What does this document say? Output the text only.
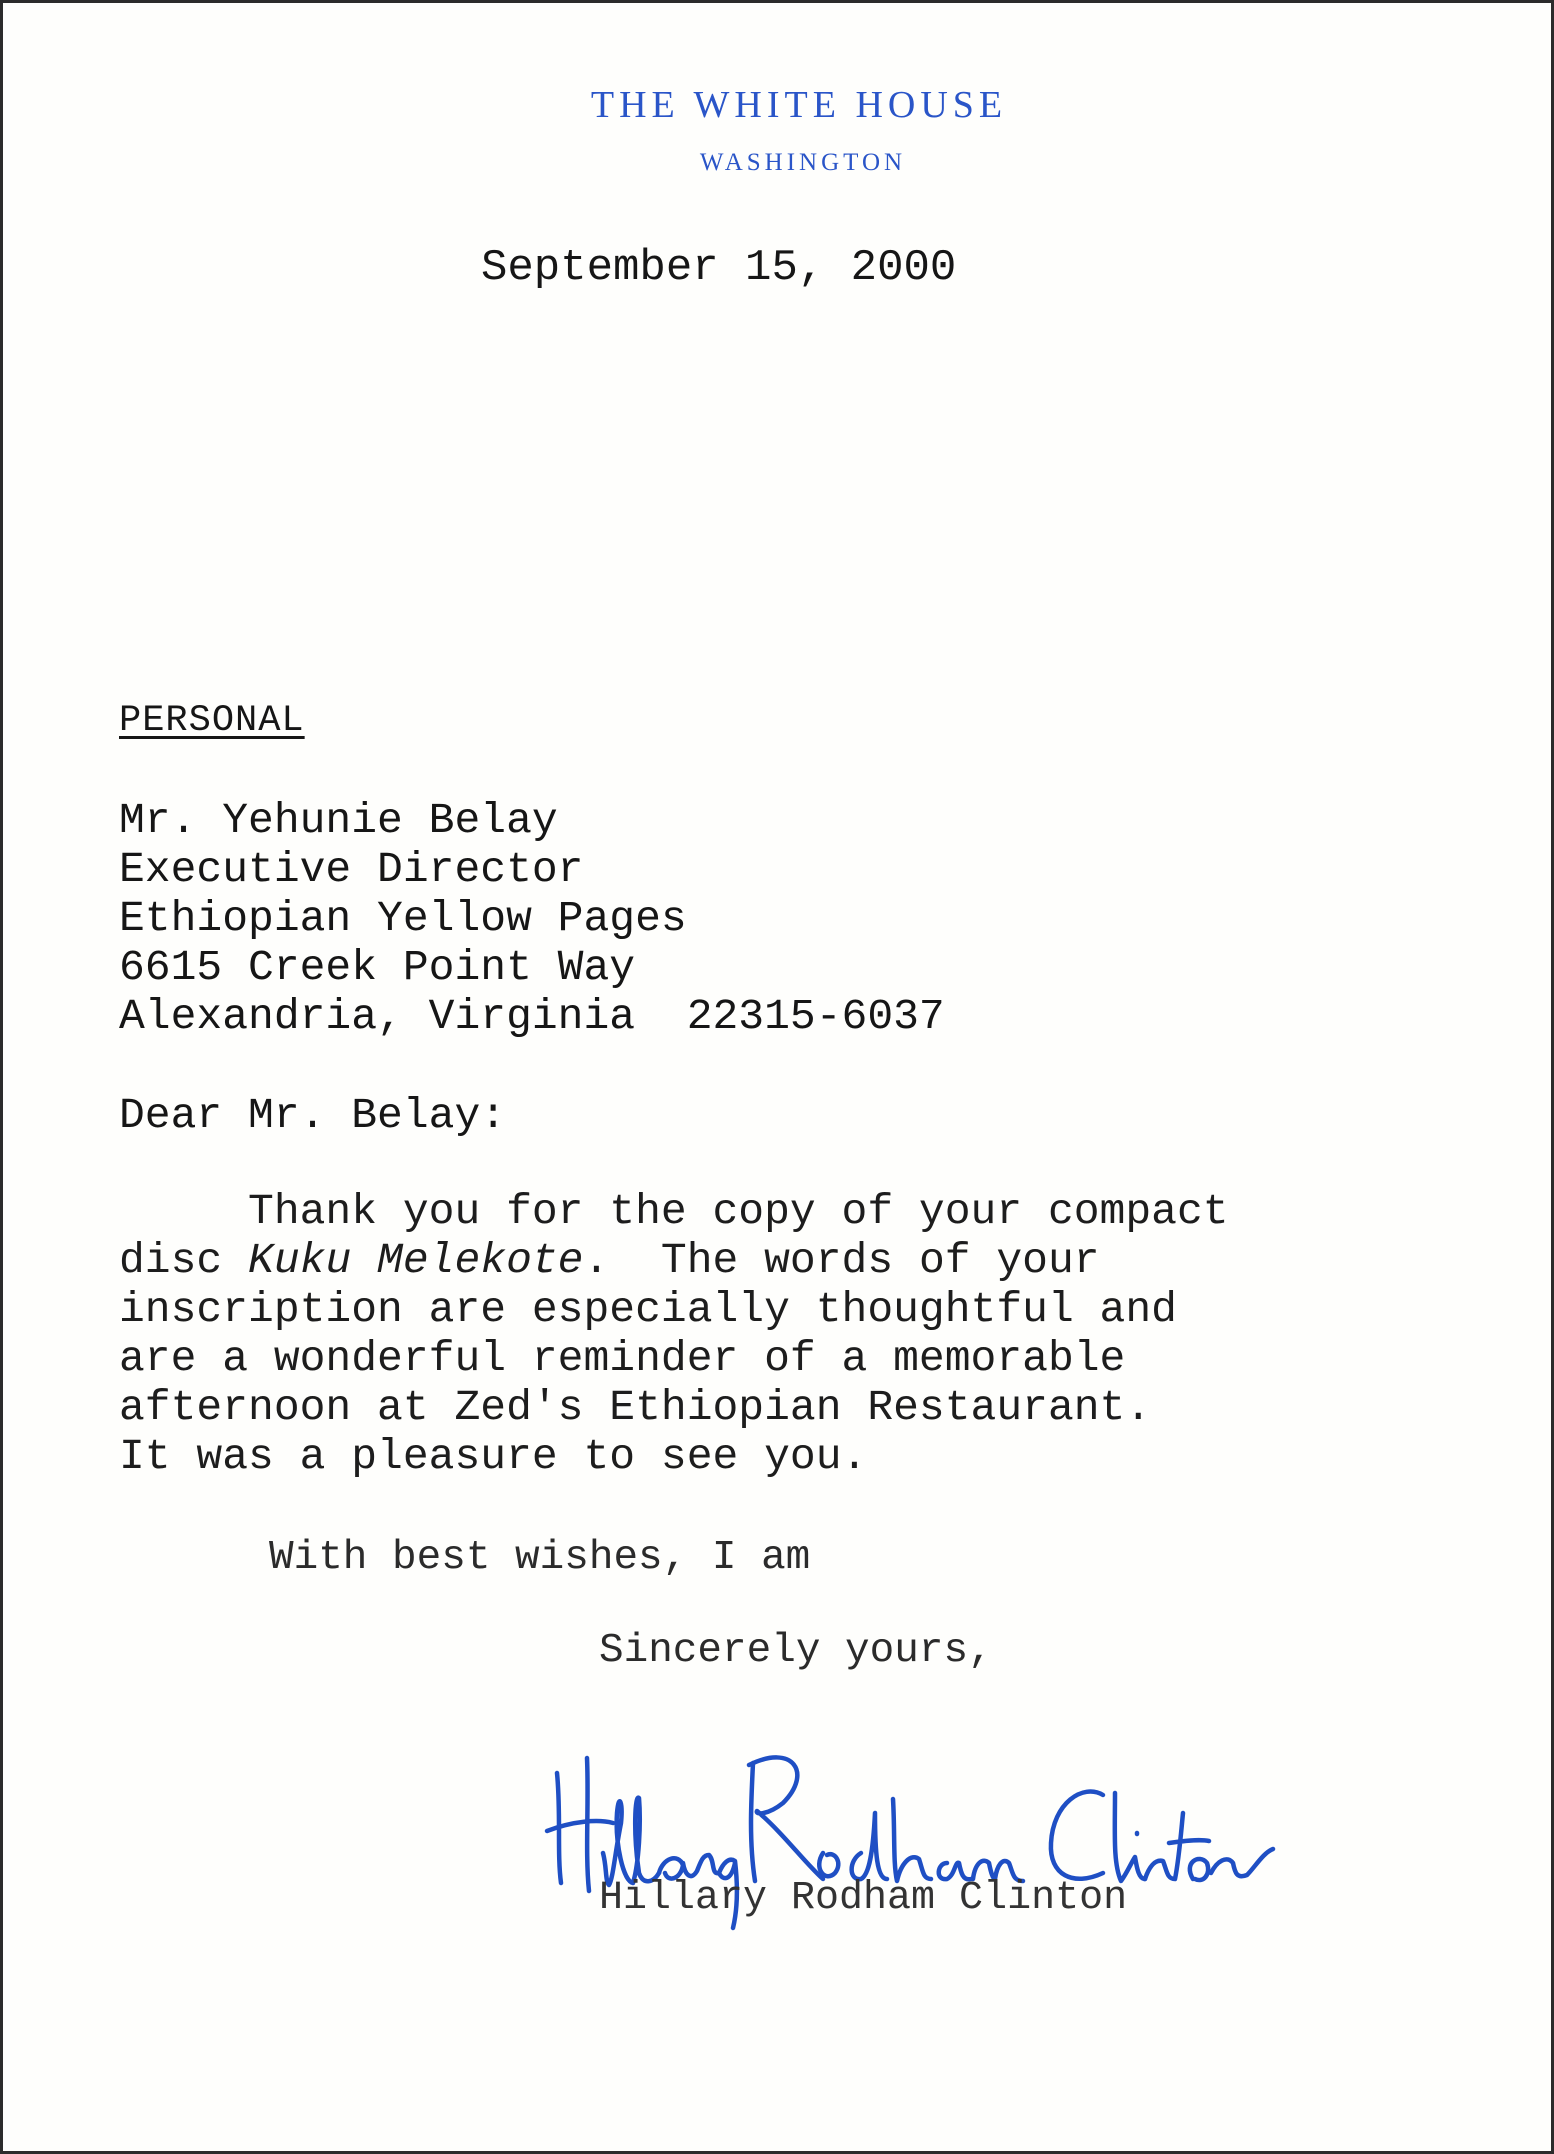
THE WHITE HOUSE
WASHINGTON
September 15, 2000
PERSONAL
Mr. Yehunie Belay
Executive Director
Ethiopian Yellow Pages
6615 Creek Point Way
Alexandria, Virginia  22315-6037
Dear Mr. Belay:
Thank you for the copy of your compact
disc Kuku Melekote.  The words of your
inscription are especially thoughtful and
are a wonderful reminder of a memorable
afternoon at Zed's Ethiopian Restaurant.
It was a pleasure to see you.
With best wishes, I am
Sincerely yours,
Hillary Rodham Clinton
